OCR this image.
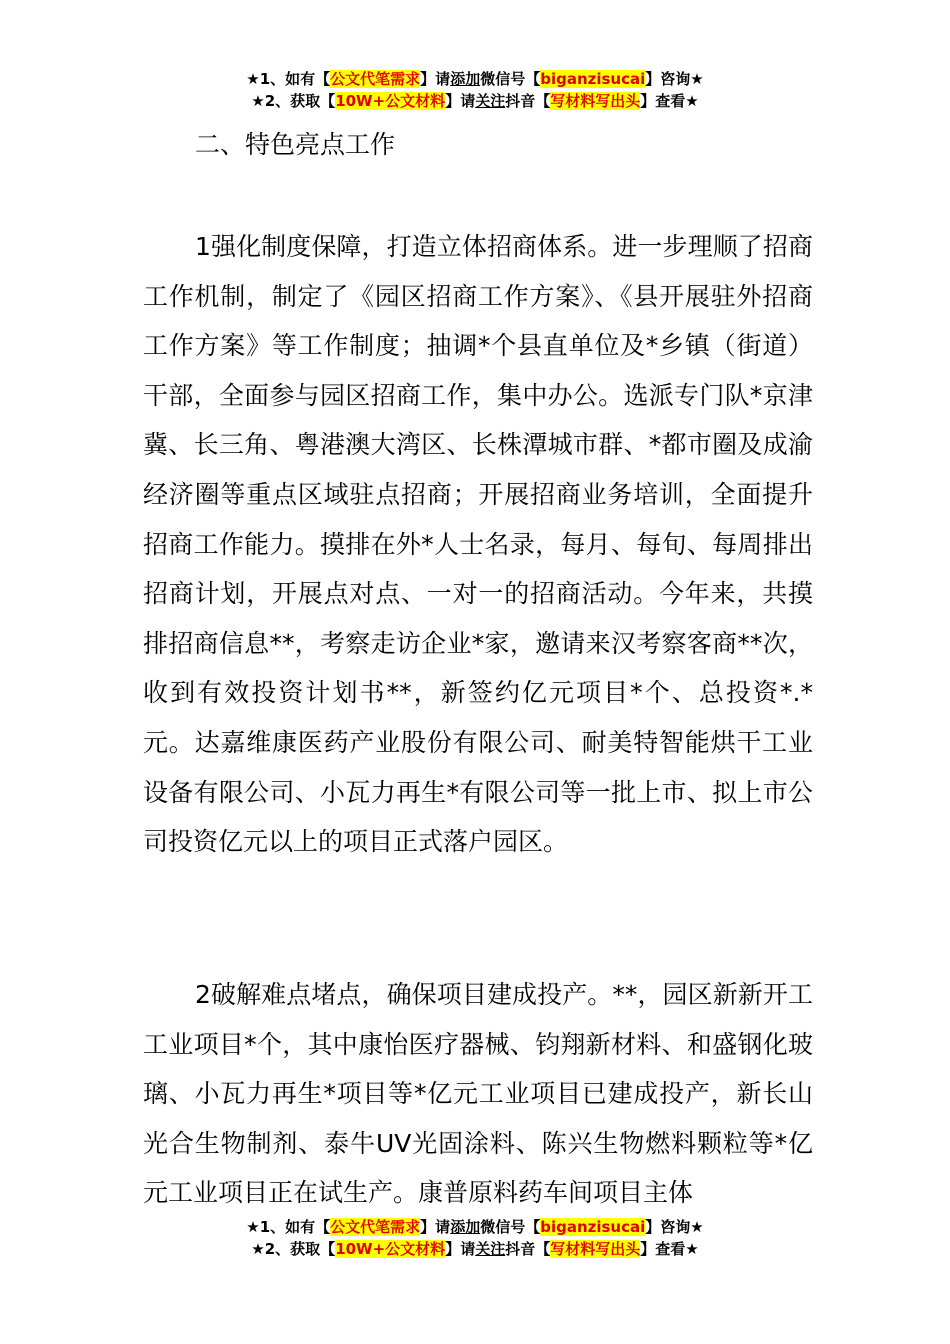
★1、如有【公文代笔需求】请添加微信号【biganzisucai】咨询★
★2、获取【10W+公文材料】请关注抖音【写材料写出头】查看★
二、特色亮点工作

1强化制度保障，打造立体招商体系。进一步理顺了招商工作机制，制定了《园区招商工作方案》、《县开展驻外招商工作方案》等工作制度；抽调*个县直单位及*乡镇（街道）干部，全面参与园区招商工作，集中办公。选派专门队*京津冀、长三角、粤港澳大湾区、长株潭城市群、*都市圈及成渝经济圈等重点区域驻点招商；开展招商业务培训，全面提升招商工作能力。摸排在外*人士名录，每月、每旬、每周排出招商计划，开展点对点、一对一的招商活动。今年来，共摸排招商信息**，考察走访企业*家，邀请来汉考察客商**次，收到有效投资计划书**，新签约亿元项目*个、总投资*.*元。达嘉维康医药产业股份有限公司、耐美特智能烘干工业设备有限公司、小瓦力再生*有限公司等一批上市、拟上市公司投资亿元以上的项目正式落户园区。

2破解难点堵点，确保项目建成投产。**，园区新新开工工业项目*个，其中康怡医疗器械、钧翔新材料、和盛钢化玻璃、小瓦力再生*项目等*亿元工业项目已建成投产，新长山光合生物制剂、泰牛UV光固涂料、陈兴生物燃料颗粒等*亿元工业项目正在试生产。康普原料药车间项目主体

★1、如有【公文代笔需求】请添加微信号【biganzisucai】咨询★
★2、获取【10W+公文材料】请关注抖音【写材料写出头】查看★
